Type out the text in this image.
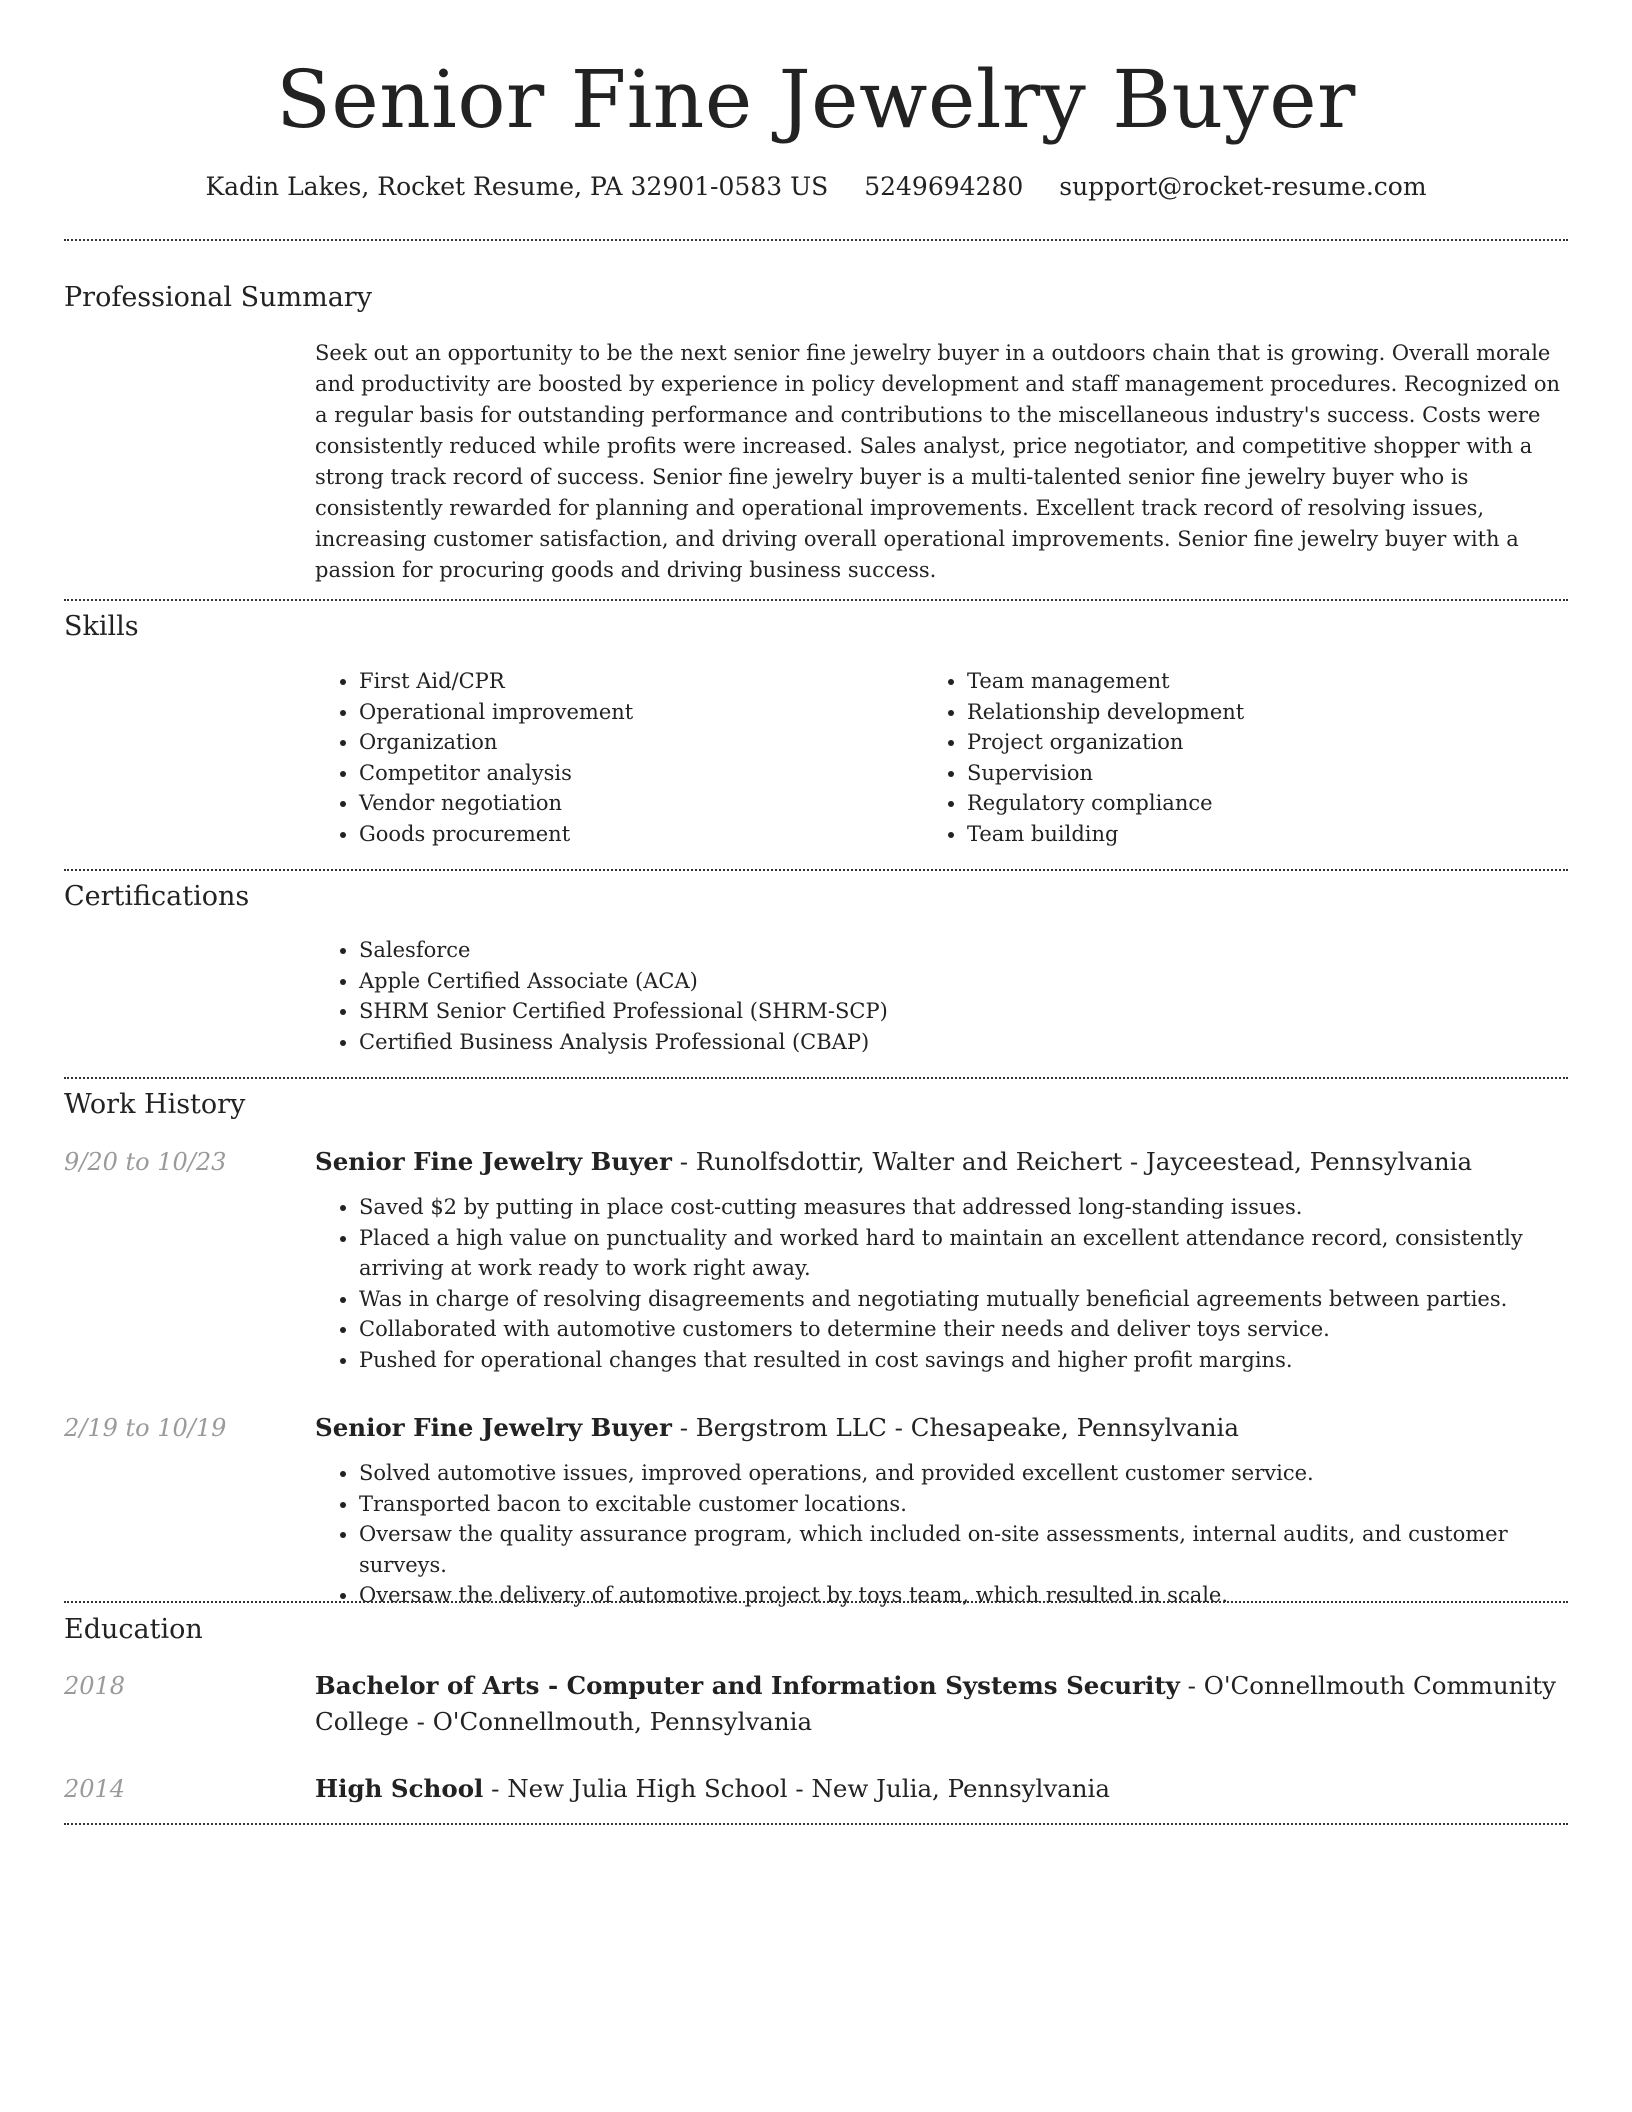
Senior Fine Jewelry Buyer
Kadin Lakes, Rocket Resume, PA 32901-0583 US 5249694280 support@rocket-resume.com
Professional Summary

Seek out an opportunity to be the next senior fine jewelry buyer in a outdoors chain that is growing. Overall morale and productivity are boosted by experience in policy development and staff management procedures. Recognized on a regular basis for outstanding performance and contributions to the miscellaneous industry's success. Costs were consistently reduced while profits were increased. Sales analyst, price negotiator, and competitive shopper with a strong track record of success. Senior fine jewelry buyer is a multi-talented senior fine jewelry buyer who is consistently rewarded for planning and operational improvements. Excellent track record of resolving issues, increasing customer satisfaction, and driving overall operational improvements. Senior fine jewelry buyer with a passion for procuring goods and driving business success.

Skills
• First Aid/CPR
• Operational improvement
• Organization
• Competitor analysis
• Vendor negotiation
• Goods procurement
• Team management
• Relationship development
• Project organization
• Supervision
• Regulatory compliance
• Team building
Certifications
• Salesforce
• Apple Certified Associate (ACA)
• SHRM Senior Certified Professional (SHRM-SCP)
• Certified Business Analysis Professional (CBAP)
Work History
9/20 to 10/23	Senior Fine Jewelry Buyer - Runolfsdottir, Walter and Reichert - Jayceestead, Pennsylvania
• Saved $2 by putting in place cost-cutting measures that addressed long-standing issues.
• Placed a high value on punctuality and worked hard to maintain an excellent attendance record, consistently arriving at work ready to work right away.
• Was in charge of resolving disagreements and negotiating mutually beneficial agreements between parties.
• Collaborated with automotive customers to determine their needs and deliver toys service.
• Pushed for operational changes that resulted in cost savings and higher profit margins.
2/19 to 10/19	Senior Fine Jewelry Buyer - Bergstrom LLC - Chesapeake, Pennsylvania
• Solved automotive issues, improved operations, and provided excellent customer service.
• Transported bacon to excitable customer locations.
• Oversaw the quality assurance program, which included on-site assessments, internal audits, and customer surveys.
• Oversaw the delivery of automotive project by toys team, which resulted in scale.
Education
2018	Bachelor of Arts - Computer and Information Systems Security - O'Connellmouth Community College - O'Connellmouth, Pennsylvania
2014	High School - New Julia High School - New Julia, Pennsylvania
